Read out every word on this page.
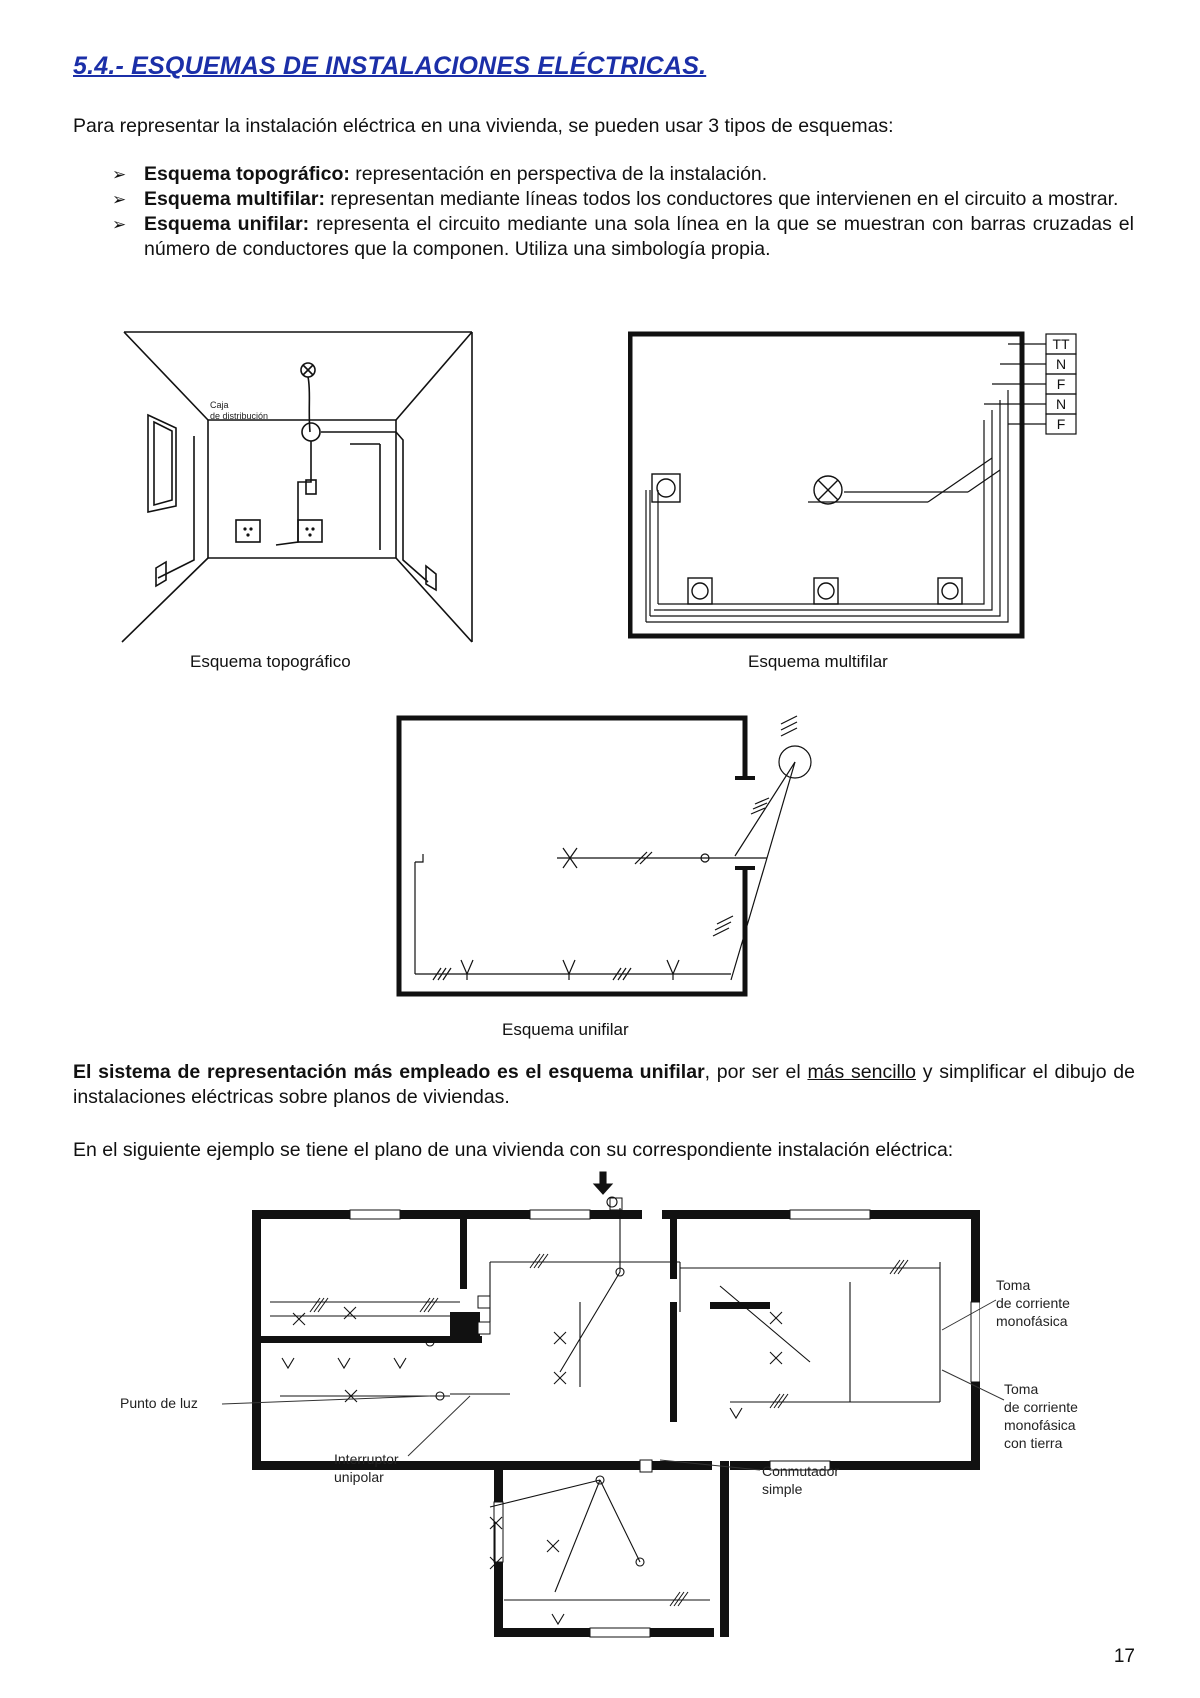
5.4.- ESQUEMAS DE INSTALACIONES ELÉCTRICAS.
Para representar la instalación eléctrica en una vivienda, se pueden usar 3 tipos de esquemas:
➢ Esquema topográfico: representación en perspectiva de la instalación.
➢ Esquema multifilar: representan mediante líneas todos los conductores que intervienen en el circuito a mostrar.
➢ Esquema unifilar: representa el circuito mediante una sola línea en la que se muestran con barras cruzadas el número de conductores que la componen. Utiliza una simbología propia.
Caja
de distribución
Esquema topográfico
TT
N
F
N
F
Esquema multifilar
Esquema unifilar
El sistema de representación más empleado es el esquema unifilar, por ser el más sencillo y simplificar el dibujo de instalaciones eléctricas sobre planos de viviendas.
En el siguiente ejemplo se tiene el plano de una vivienda con su correspondiente instalación eléctrica:
Toma
de corriente
monofásica
Toma
de corriente
monofásica
con tierra
Punto de luz
Interruptor
unipolar	Conmutador
simple
17
